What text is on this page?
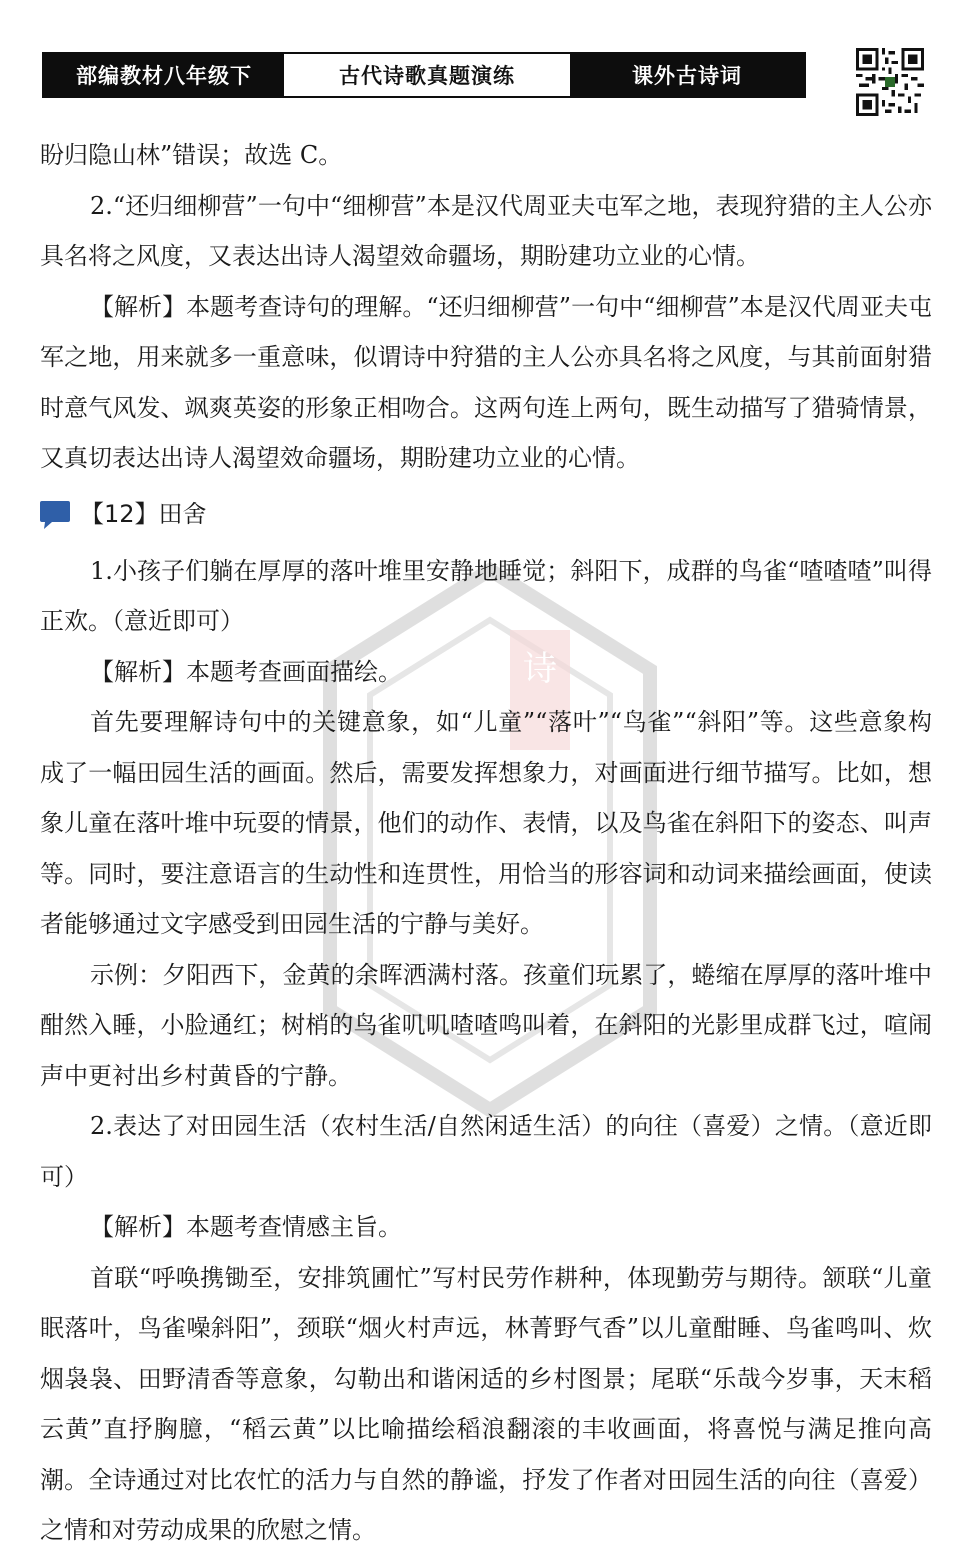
部编教材八年级下	古代诗歌真题演练	课外古诗词
诗

盼归隐山林”错误；故选 C。

2.“还归细柳营”一句中“细柳营”本是汉代周亚夫屯军之地，表现狩猎的主人公亦具名将之风度，又表达出诗人渴望效命疆场，期盼建功立业的心情。

【解析】本题考查诗句的理解。“还归细柳营”一句中“细柳营”本是汉代周亚夫屯军之地，用来就多一重意味，似谓诗中狩猎的主人公亦具名将之风度，与其前面射猎时意气风发、飒爽英姿的形象正相吻合。这两句连上两句，既生动描写了猎骑情景，又真切表达出诗人渴望效命疆场，期盼建功立业的心情。

【12】田舍

1.小孩子们躺在厚厚的落叶堆里安静地睡觉；斜阳下，成群的鸟雀“喳喳喳”叫得正欢。（意近即可）

【解析】本题考查画面描绘。

首先要理解诗句中的关键意象，如“儿童”“落叶”“鸟雀”“斜阳”等。这些意象构成了一幅田园生活的画面。然后，需要发挥想象力，对画面进行细节描写。比如，想象儿童在落叶堆中玩耍的情景，他们的动作、表情，以及鸟雀在斜阳下的姿态、叫声等。同时，要注意语言的生动性和连贯性，用恰当的形容词和动词来描绘画面，使读者能够通过文字感受到田园生活的宁静与美好。

示例：夕阳西下，金黄的余晖洒满村落。孩童们玩累了，蜷缩在厚厚的落叶堆中酣然入睡，小脸通红；树梢的鸟雀叽叽喳喳鸣叫着，在斜阳的光影里成群飞过，喧闹声中更衬出乡村黄昏的宁静。

2.表达了对田园生活（农村生活/自然闲适生活）的向往（喜爱）之情。（意近即可）

【解析】本题考查情感主旨。

首联“呼唤携锄至，安排筑圃忙”写村民劳作耕种，体现勤劳与期待。颔联“儿童眠落叶，鸟雀噪斜阳”，颈联“烟火村声远，林菁野气香”以儿童酣睡、鸟雀鸣叫、炊烟袅袅、田野清香等意象，勾勒出和谐闲适的乡村图景；尾联“乐哉今岁事，天末稻云黄”直抒胸臆，“稻云黄”以比喻描绘稻浪翻滚的丰收画面，将喜悦与满足推向高潮。全诗通过对比农忙的活力与自然的静谧，抒发了作者对田园生活的向往（喜爱）之情和对劳动成果的欣慰之情。
